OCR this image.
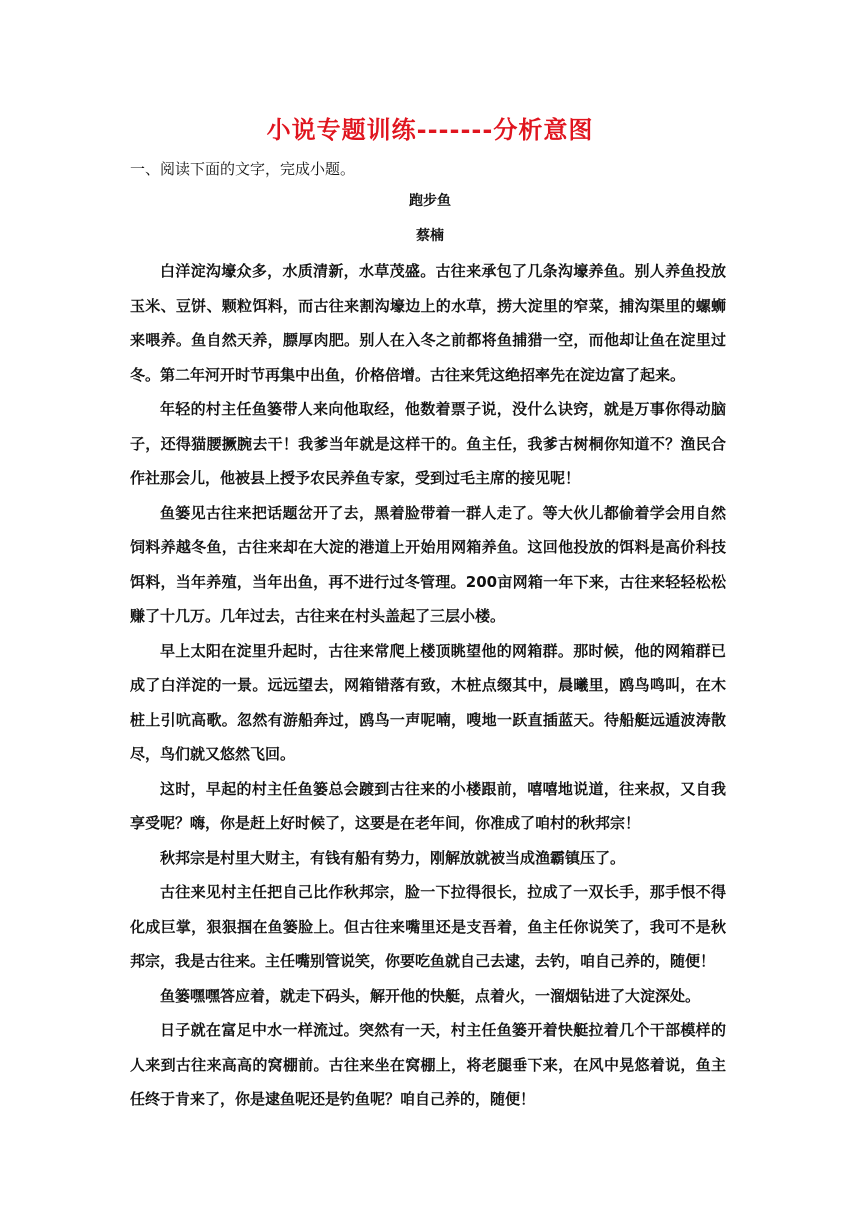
小说专题训练-------分析意图
一、阅读下面的文字，完成小题。
跑步鱼
蔡楠

白洋淀沟壕众多，水质清新，水草茂盛。古往来承包了几条沟壕养鱼。别人养鱼投放玉米、豆饼、颗粒饵料，而古往来割沟壕边上的水草，捞大淀里的窄菜，捕沟渠里的螺蛳来喂养。鱼自然天养，膘厚肉肥。别人在入冬之前都将鱼捕猎一空，而他却让鱼在淀里过冬。第二年河开时节再集中出鱼，价格倍增。古往来凭这绝招率先在淀边富了起来。

年轻的村主任鱼篓带人来向他取经，他数着票子说，没什么诀窍，就是万事你得动脑子，还得猫腰撅腕去干！我爹当年就是这样干的。鱼主任，我爹古树桐你知道不？渔民合作社那会儿，他被县上授予农民养鱼专家，受到过毛主席的接见呢！

鱼篓见古往来把话题岔开了去，黑着脸带着一群人走了。等大伙儿都偷着学会用自然饲料养越冬鱼，古往来却在大淀的港道上开始用网箱养鱼。这回他投放的饵料是高价科技饵料，当年养殖，当年出鱼，再不进行过冬管理。200亩网箱一年下来，古往来轻轻松松赚了十几万。几年过去，古往来在村头盖起了三层小楼。

早上太阳在淀里升起时，古往来常爬上楼顶眺望他的网箱群。那时候，他的网箱群已成了白洋淀的一景。远远望去，网箱错落有致，木桩点缀其中，晨曦里，鸥鸟鸣叫，在木桩上引吭高歌。忽然有游船奔过，鸥鸟一声呢喃，嗖地一跃直插蓝天。待船艇远遁波涛散尽，鸟们就又悠然飞回。

这时，早起的村主任鱼篓总会踱到古往来的小楼跟前，嘻嘻地说道，往来叔，又自我享受呢？嗨，你是赶上好时候了，这要是在老年间，你准成了咱村的秋邦宗！

秋邦宗是村里大财主，有钱有船有势力，刚解放就被当成渔霸镇压了。

古往来见村主任把自己比作秋邦宗，脸一下拉得很长，拉成了一双长手，那手恨不得化成巨掌，狠狠掴在鱼篓脸上。但古往来嘴里还是支吾着，鱼主任你说笑了，我可不是秋邦宗，我是古往来。主任嘴别管说笑，你要吃鱼就自己去逮，去钓，咱自己养的，随便！

鱼篓嘿嘿答应着，就走下码头，解开他的快艇，点着火，一溜烟钻进了大淀深处。

日子就在富足中水一样流过。突然有一天，村主任鱼篓开着快艇拉着几个干部模样的人来到古往来高高的窝棚前。古往来坐在窝棚上，将老腿垂下来，在风中晃悠着说，鱼主任终于肯来了，你是逮鱼呢还是钓鱼呢？咱自己养的，随便！
